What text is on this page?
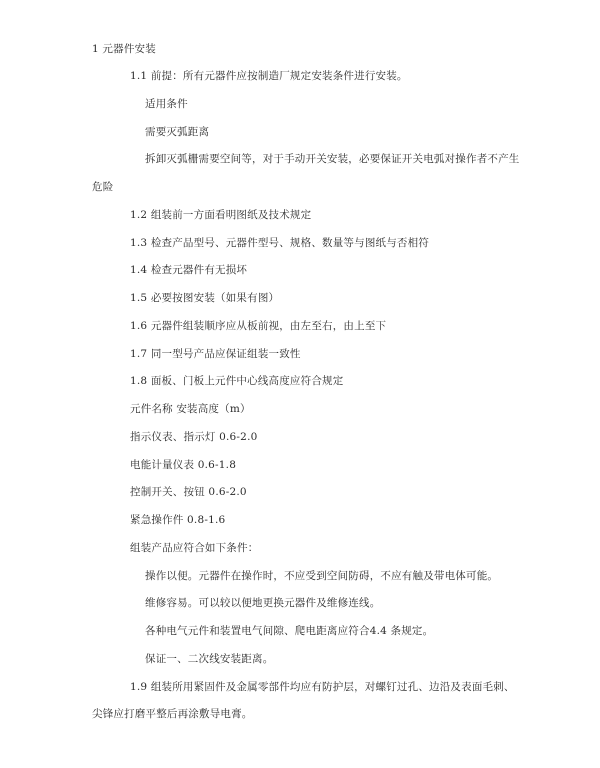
1 元器件安装
1.1 前提：所有元器件应按制造厂规定安装条件进行安装。
适用条件
需要灭弧距离
拆卸灭弧栅需要空间等，对于手动开关安装，必要保证开关电弧对操作者不产生
危险
1.2 组装前一方面看明图纸及技术规定
1.3 检查产品型号、元器件型号、规格、数量等与图纸与否相符
1.4 检查元器件有无损坏
1.5 必要按图安装（如果有图）
1.6 元器件组装顺序应从板前视，由左至右，由上至下
1.7 同一型号产品应保证组装一致性
1.8 面板、门板上元件中心线高度应符合规定
元件名称 安装高度（m）
指示仪表、指示灯 0.6-2.0
电能计量仪表 0.6-1.8
控制开关、按钮 0.6-2.0
紧急操作件 0.8-1.6
组装产品应符合如下条件：
操作以便。元器件在操作时，不应受到空间防碍，不应有触及带电体可能。
维修容易。可以较以便地更换元器件及维修连线。
各种电气元件和装置电气间隙、爬电距离应符合4.4 条规定。
保证一、二次线安装距离。
1.9 组装所用紧固件及金属零部件均应有防护层，对螺钉过孔、边沿及表面毛刺、
尖锋应打磨平整后再涂敷导电膏。
